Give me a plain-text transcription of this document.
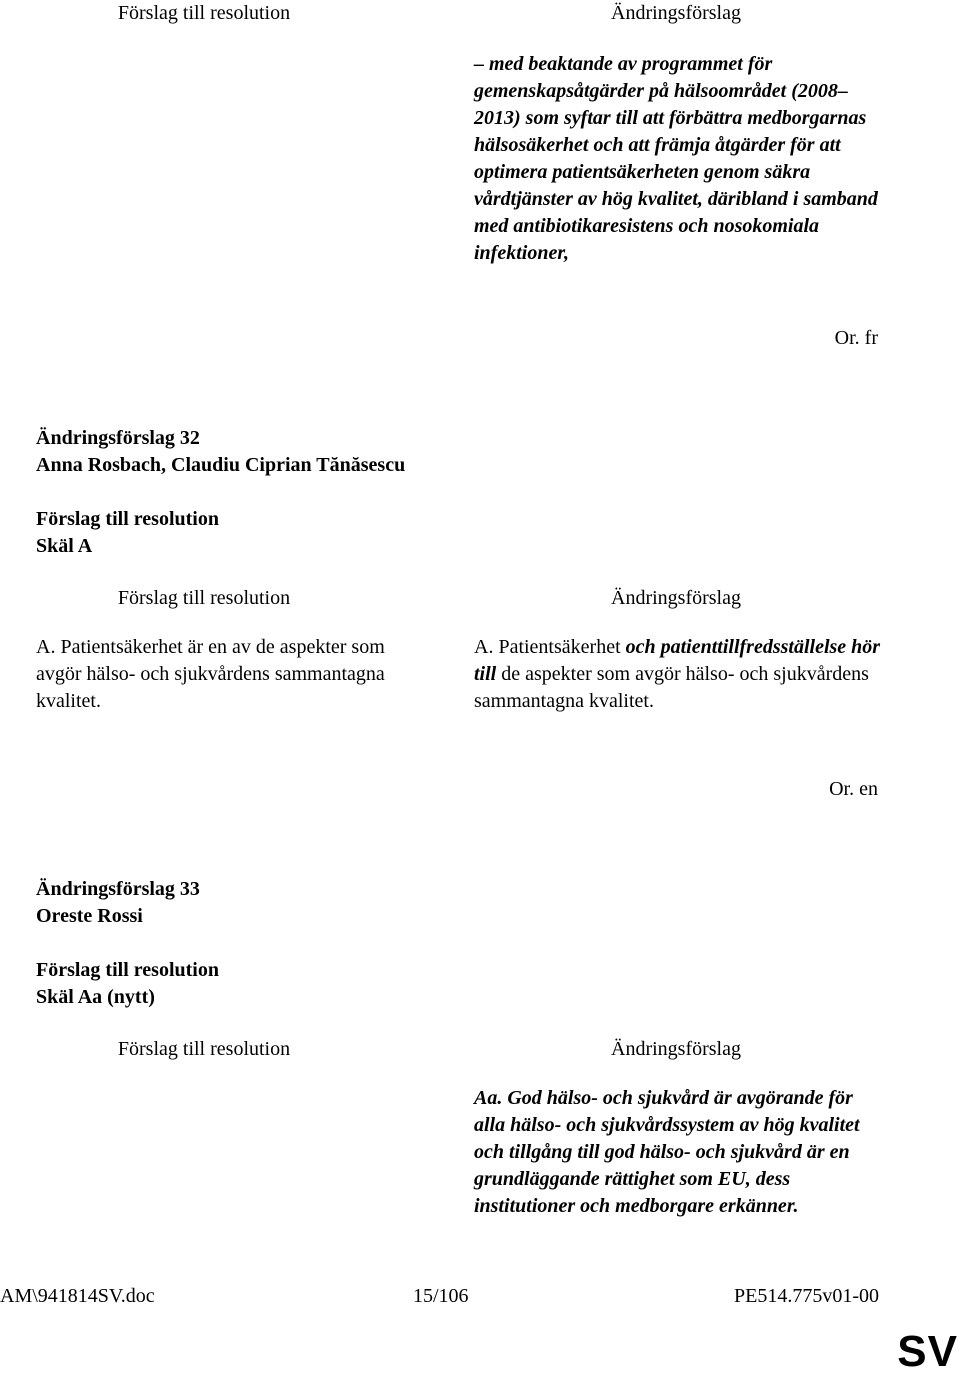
Förslag till resolution	Ändringsförslag
– med beaktande av programmet för gemenskapsåtgärder på hälsoområdet (2008–2013) som syftar till att förbättra medborgarnas hälsosäkerhet och att främja åtgärder för att optimera patientsäkerheten genom säkra vårdtjänster av hög kvalitet, däribland i samband med antibiotikaresistens och nosokomiala infektioner,
Or. fr
Ändringsförslag 32
Anna Rosbach, Claudiu Ciprian Tănăsescu
Förslag till resolution
Skäl A
Förslag till resolution	Ändringsförslag
A. Patientsäkerhet är en av de aspekter som avgör hälso- och sjukvårdens sammantagna kvalitet.
A. Patientsäkerhet och patienttillfredsställelse hör till de aspekter som avgör hälso- och sjukvårdens sammantagna kvalitet.
Or. en
Ändringsförslag 33
Oreste Rossi
Förslag till resolution
Skäl Aa (nytt)
Förslag till resolution	Ändringsförslag
Aa. God hälso- och sjukvård är avgörande för alla hälso- och sjukvårdssystem av hög kvalitet och tillgång till god hälso- och sjukvård är en grundläggande rättighet som EU, dess institutioner och medborgare erkänner.
AM\941814SV.doc	15/106	PE514.775v01-00
SV
